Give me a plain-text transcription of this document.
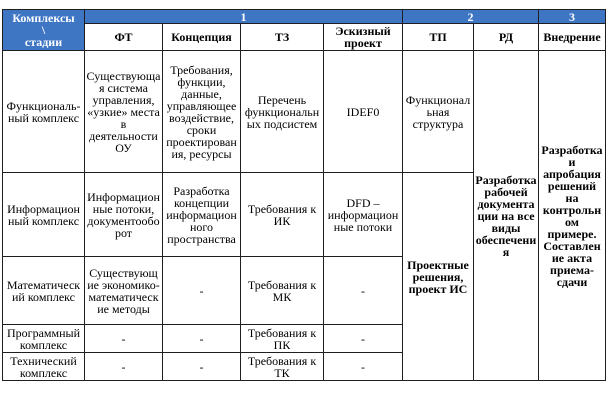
Комплексы
\
стадии	1				2		3
	ФТ	Концепция	ТЗ	Эскизный проект	ТП	РД	Внедрение
Функциональ-ный комплекс	Существующая система управления, «узкие» места в деятельности ОУ	Требования, функции, данные, управляющее воздействие, сроки проектирования, ресурсы	Перечень функциональных подсистем	IDEF0	Функциональная структура	Разработка рабочей документации на все виды обеспечения	Разработка и апробация решений на контрольном примере. Составление акта приема-сдачи
Информационный комплекс	Информационные потоки, документооборот	Разработка концепции информационного пространства	Требования к ИК	DFD – информационные потоки	Проектные решения, проект ИС		
Математический комплекс	Существующие экономико-математические методы	-	Требования к МК	-			
Программный комплекс	-	-	Требования к ПК	-			
Технический комплекс	-	-	Требования к ТК	-			
